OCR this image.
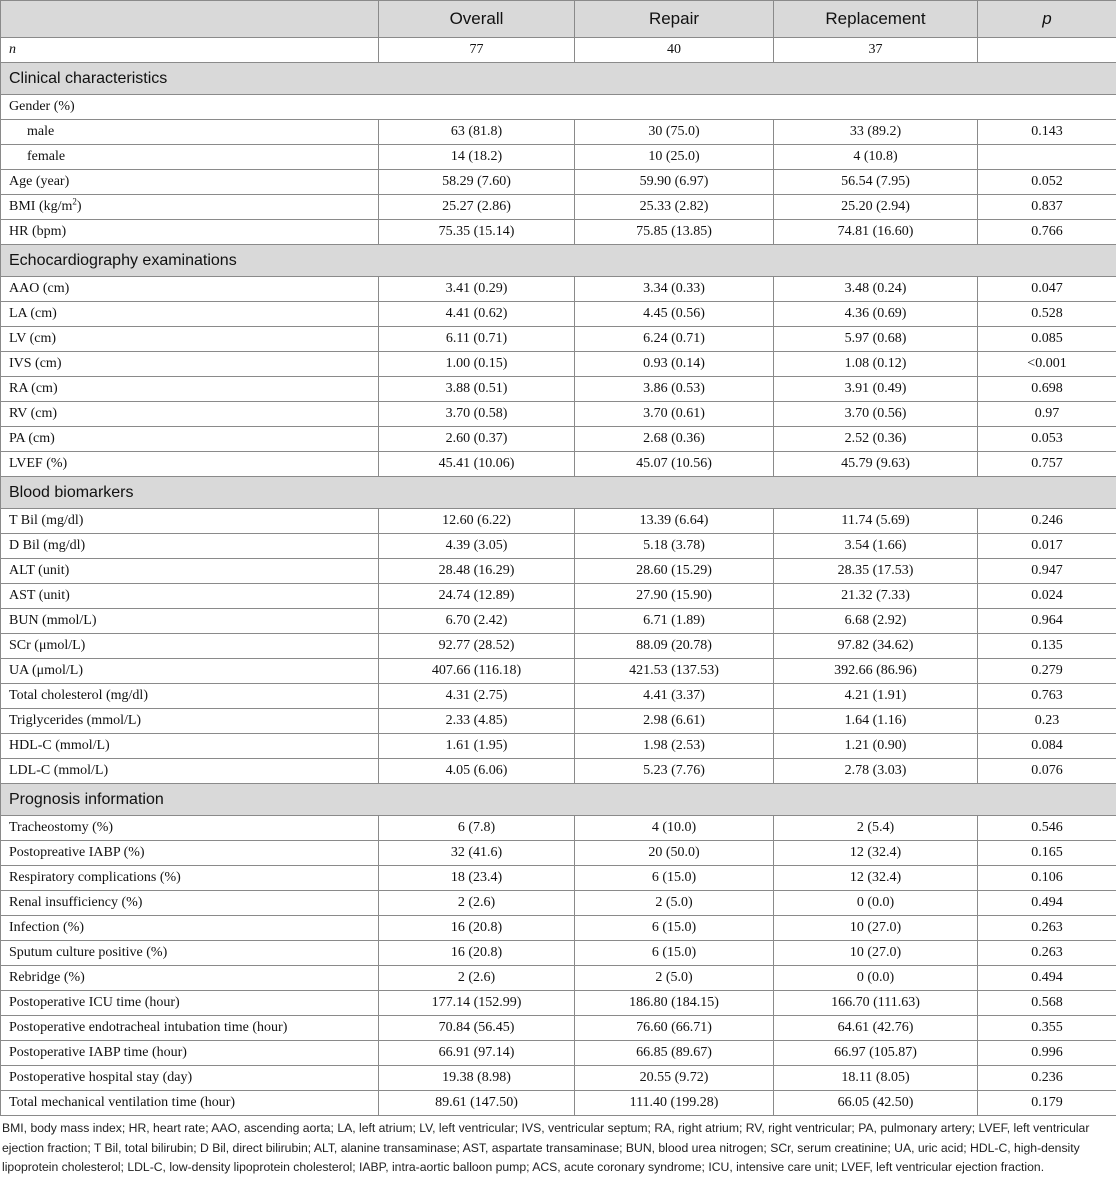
	Overall	Repair	Replacement	p
n	77	40	37	
Clinical characteristics				
Gender (%)				
male	63 (81.8)	30 (75.0)	33 (89.2)	0.143
female	14 (18.2)	10 (25.0)	4 (10.8)	
Age (year)	58.29 (7.60)	59.90 (6.97)	56.54 (7.95)	0.052
BMI $(kg/m^2)$	25.27 (2.86)	25.33 (2.82)	25.20 (2.94)	0.837
HR (bpm)	75.35 (15.14)	75.85 (13.85)	74.81 (16.60)	0.766
Echocardiography examinations				
AAO (cm)	3.41 (0.29)	3.34 (0.33)	3.48 (0.24)	0.047
LA (cm)	4.41 (0.62)	4.45 (0.56)	4.36 (0.69)	0.528
LV (cm)	6.11 (0.71)	6.24 (0.71)	5.97 (0.68)	0.085
IVS (cm)	1.00 (0.15)	0.93 (0.14)	1.08 (0.12)	<0.001
RA (cm)	3.88 (0.51)	3.86 (0.53)	3.91 (0.49)	0.698
RV (cm)	3.70 (0.58)	3.70 (0.61)	3.70 (0.56)	0.97
PA (cm)	2.60 (0.37)	2.68 (0.36)	2.52 (0.36)	0.053
LVEF (%)	45.41 (10.06)	45.07 (10.56)	45.79 (9.63)	0.757
Blood biomarkers				
T Bil (mg/dl)	12.60 (6.22)	13.39 (6.64)	11.74 (5.69)	0.246
D Bil (mg/dl)	4.39 (3.05)	5.18 (3.78)	3.54 (1.66)	0.017
ALT (unit)	28.48 (16.29)	28.60 (15.29)	28.35 (17.53)	0.947
AST (unit)	24.74 (12.89)	27.90 (15.90)	21.32 (7.33)	0.024
BUN (mmol/L)	6.70 (2.42)	6.71 (1.89)	6.68 (2.92)	0.964
SCr (μmol/L)	92.77 (28.52)	88.09 (20.78)	97.82 (34.62)	0.135
UA (μmol/L)	407.66 (116.18)	421.53 (137.53)	392.66 (86.96)	0.279
Total cholesterol (mg/dl)	4.31 (2.75)	4.41 (3.37)	4.21 (1.91)	0.763
Triglycerides (mmol/L)	2.33 (4.85)	2.98 (6.61)	1.64 (1.16)	0.23
HDL-C (mmol/L)	1.61 (1.95)	1.98 (2.53)	1.21 (0.90)	0.084
LDL-C (mmol/L)	4.05 (6.06)	5.23 (7.76)	2.78 (3.03)	0.076
Prognosis information				
Tracheostomy (%)	6 (7.8)	4 (10.0)	2 (5.4)	0.546
Postopreative IABP (%)	32 (41.6)	20 (50.0)	12 (32.4)	0.165
Respiratory complications (%)	18 (23.4)	6 (15.0)	12 (32.4)	0.106
Renal insufficiency (%)	2 (2.6)	2 (5.0)	0 (0.0)	0.494
Infection (%)	16 (20.8)	6 (15.0)	10 (27.0)	0.263
Sputum culture positive (%)	16 (20.8)	6 (15.0)	10 (27.0)	0.263
Rebridge (%)	2 (2.6)	2 (5.0)	0 (0.0)	0.494
Postoperative ICU time (hour)	177.14 (152.99)	186.80 (184.15)	166.70 (111.63)	0.568
Postoperative endotracheal intubation time (hour)	70.84 (56.45)	76.60 (66.71)	64.61 (42.76)	0.355
Postoperative IABP time (hour)	66.91 (97.14)	66.85 (89.67)	66.97 (105.87)	0.996
Postoperative hospital stay (day)	19.38 (8.98)	20.55 (9.72)	18.11 (8.05)	0.236
Total mechanical ventilation time (hour)	89.61 (147.50)	111.40 (199.28)	66.05 (42.50)	0.179

BMI, body mass index; HR, heart rate; AAO, ascending aorta; LA, left atrium; LV, left ventricular; IVS, ventricular septum; RA, right atrium; RV, right ventricular; PA, pulmonary artery; LVEF, left ventricular ejection fraction; T Bil, total bilirubin; D Bil, direct bilirubin; ALT, alanine transaminase; AST, aspartate transaminase; BUN, blood urea nitrogen; SCr, serum creatinine; UA, uric acid; HDL-C, high-density lipoprotein cholesterol; LDL-C, low-density lipoprotein cholesterol; IABP, intra-aortic balloon pump; ACS, acute coronary syndrome; ICU, intensive care unit; LVEF, left ventricular ejection fraction.
